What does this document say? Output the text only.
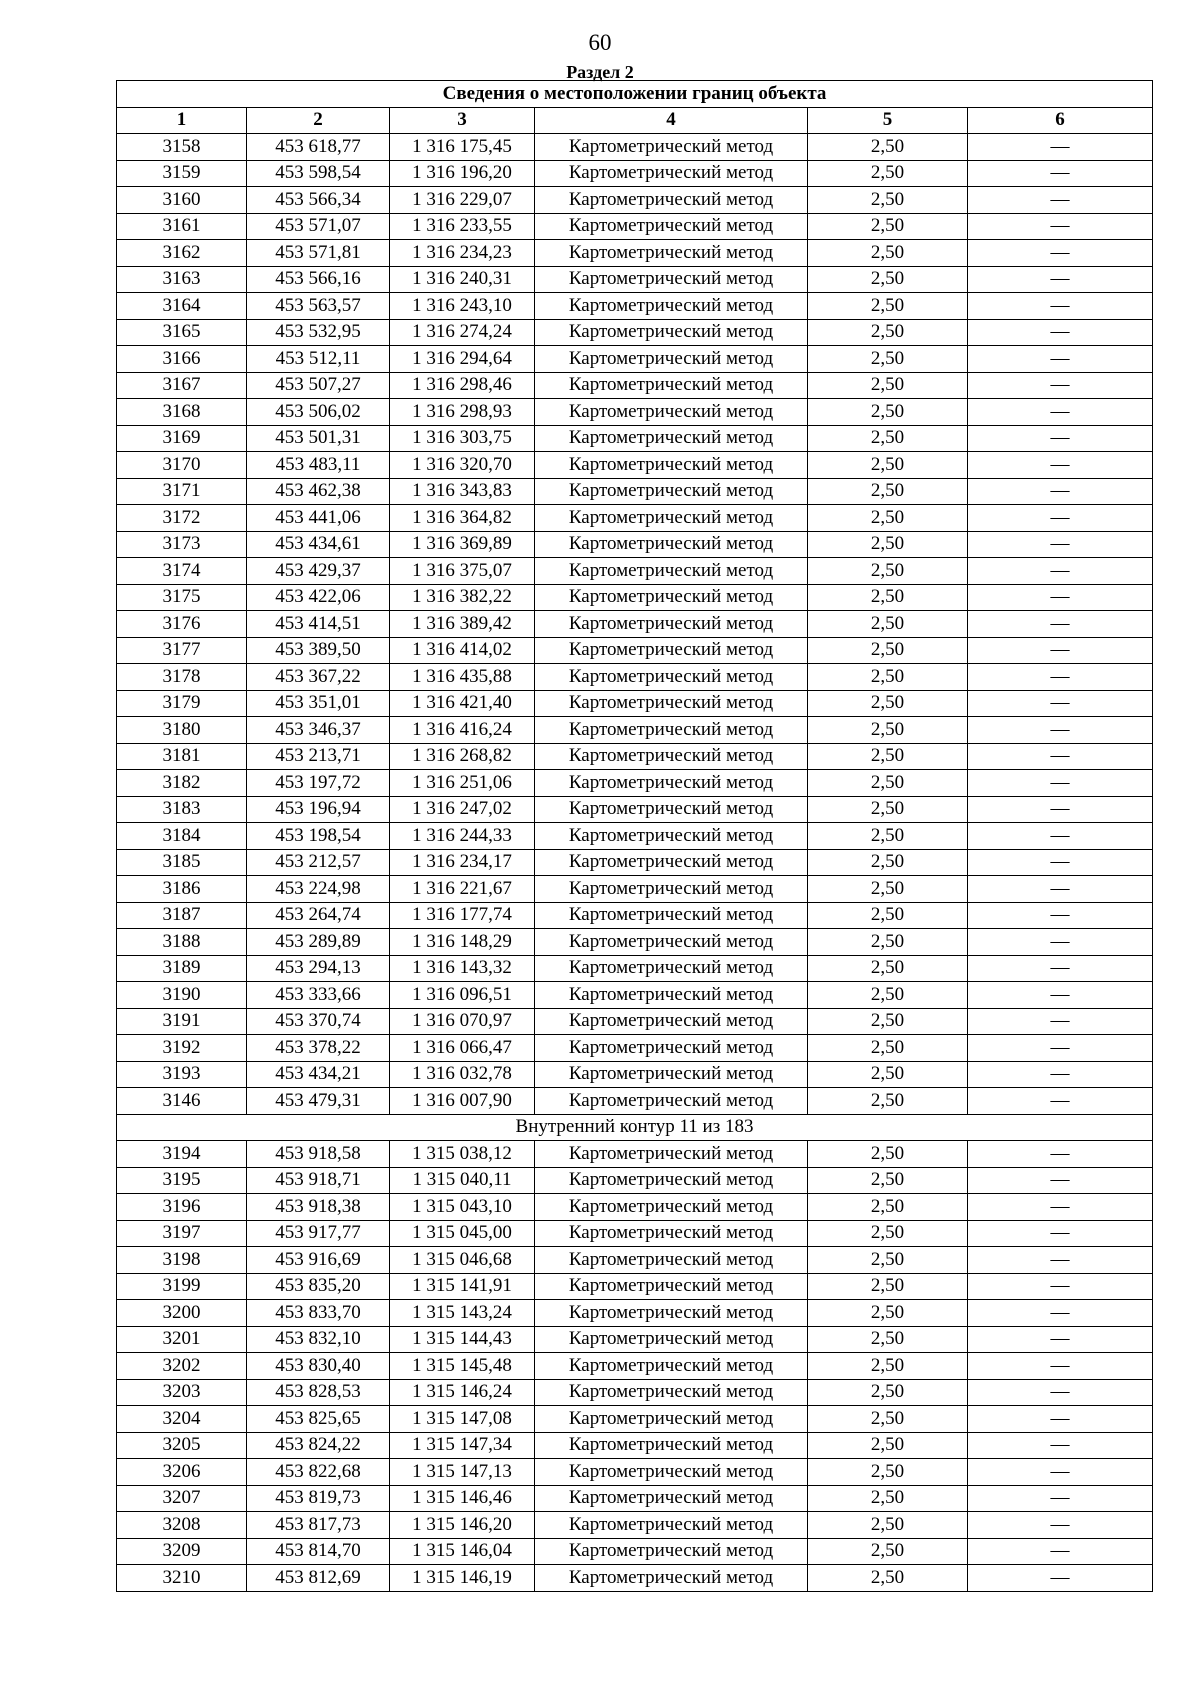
60
Раздел 2
Сведения о местоположении границ объекта					
1	2	3	4	5	6
3158	453 618,77	1 316 175,45	Картометрический метод	2,50	—
3159	453 598,54	1 316 196,20	Картометрический метод	2,50	—
3160	453 566,34	1 316 229,07	Картометрический метод	2,50	—
3161	453 571,07	1 316 233,55	Картометрический метод	2,50	—
3162	453 571,81	1 316 234,23	Картометрический метод	2,50	—
3163	453 566,16	1 316 240,31	Картометрический метод	2,50	—
3164	453 563,57	1 316 243,10	Картометрический метод	2,50	—
3165	453 532,95	1 316 274,24	Картометрический метод	2,50	—
3166	453 512,11	1 316 294,64	Картометрический метод	2,50	—
3167	453 507,27	1 316 298,46	Картометрический метод	2,50	—
3168	453 506,02	1 316 298,93	Картометрический метод	2,50	—
3169	453 501,31	1 316 303,75	Картометрический метод	2,50	—
3170	453 483,11	1 316 320,70	Картометрический метод	2,50	—
3171	453 462,38	1 316 343,83	Картометрический метод	2,50	—
3172	453 441,06	1 316 364,82	Картометрический метод	2,50	—
3173	453 434,61	1 316 369,89	Картометрический метод	2,50	—
3174	453 429,37	1 316 375,07	Картометрический метод	2,50	—
3175	453 422,06	1 316 382,22	Картометрический метод	2,50	—
3176	453 414,51	1 316 389,42	Картометрический метод	2,50	—
3177	453 389,50	1 316 414,02	Картометрический метод	2,50	—
3178	453 367,22	1 316 435,88	Картометрический метод	2,50	—
3179	453 351,01	1 316 421,40	Картометрический метод	2,50	—
3180	453 346,37	1 316 416,24	Картометрический метод	2,50	—
3181	453 213,71	1 316 268,82	Картометрический метод	2,50	—
3182	453 197,72	1 316 251,06	Картометрический метод	2,50	—
3183	453 196,94	1 316 247,02	Картометрический метод	2,50	—
3184	453 198,54	1 316 244,33	Картометрический метод	2,50	—
3185	453 212,57	1 316 234,17	Картометрический метод	2,50	—
3186	453 224,98	1 316 221,67	Картометрический метод	2,50	—
3187	453 264,74	1 316 177,74	Картометрический метод	2,50	—
3188	453 289,89	1 316 148,29	Картометрический метод	2,50	—
3189	453 294,13	1 316 143,32	Картометрический метод	2,50	—
3190	453 333,66	1 316 096,51	Картометрический метод	2,50	—
3191	453 370,74	1 316 070,97	Картометрический метод	2,50	—
3192	453 378,22	1 316 066,47	Картометрический метод	2,50	—
3193	453 434,21	1 316 032,78	Картометрический метод	2,50	—
3146	453 479,31	1 316 007,90	Картометрический метод	2,50	—
Внутренний контур 11 из 183					
3194	453 918,58	1 315 038,12	Картометрический метод	2,50	—
3195	453 918,71	1 315 040,11	Картометрический метод	2,50	—
3196	453 918,38	1 315 043,10	Картометрический метод	2,50	—
3197	453 917,77	1 315 045,00	Картометрический метод	2,50	—
3198	453 916,69	1 315 046,68	Картометрический метод	2,50	—
3199	453 835,20	1 315 141,91	Картометрический метод	2,50	—
3200	453 833,70	1 315 143,24	Картометрический метод	2,50	—
3201	453 832,10	1 315 144,43	Картометрический метод	2,50	—
3202	453 830,40	1 315 145,48	Картометрический метод	2,50	—
3203	453 828,53	1 315 146,24	Картометрический метод	2,50	—
3204	453 825,65	1 315 147,08	Картометрический метод	2,50	—
3205	453 824,22	1 315 147,34	Картометрический метод	2,50	—
3206	453 822,68	1 315 147,13	Картометрический метод	2,50	—
3207	453 819,73	1 315 146,46	Картометрический метод	2,50	—
3208	453 817,73	1 315 146,20	Картометрический метод	2,50	—
3209	453 814,70	1 315 146,04	Картометрический метод	2,50	—
3210	453 812,69	1 315 146,19	Картометрический метод	2,50	—
